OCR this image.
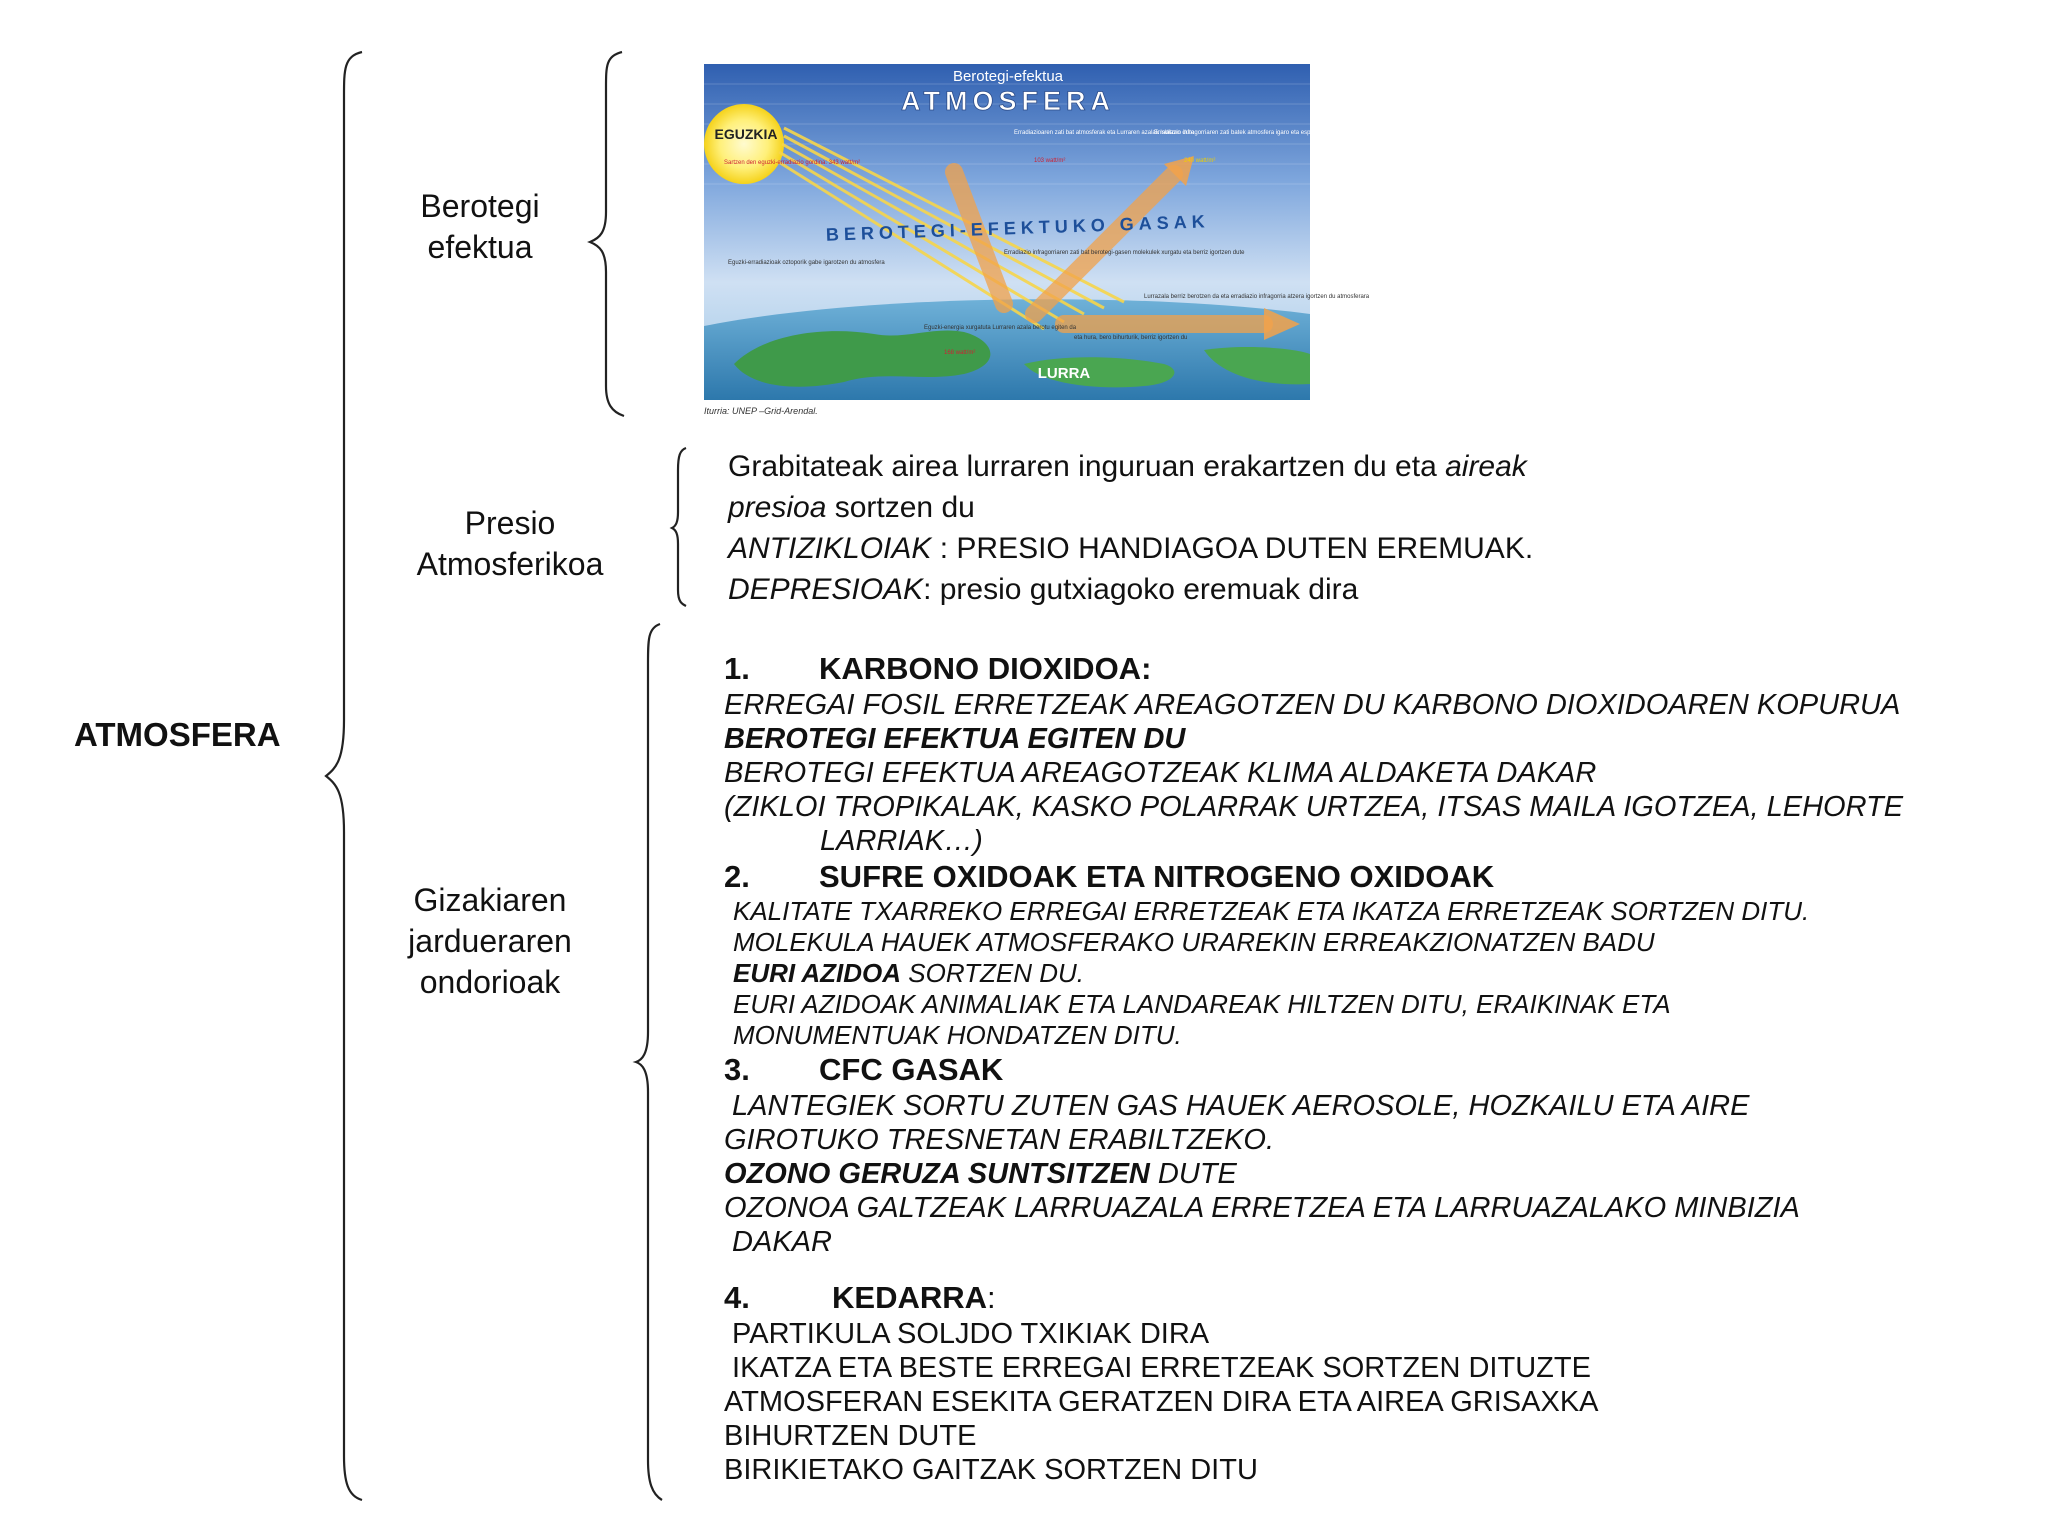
ATMOSFERA
Berotegi
efektua
Presio
Atmosferikoa
Gizakiaren
jardueraren
ondorioak
Berotegi-efektua
ATMOSFERA
EGUZKIA
BEROTEGI-EFEKTUKO GASAK
LURRA
Sartzen den eguzki-erradiazio gordina: 343 watt/m²
Erradiazioaren zati bat atmosferak eta Lurraren azalak islatzen dute
103 watt/m²
Erradiazio infragorriaren zati batek atmosfera igaro eta espaziora galtzen da
240 watt/m²
Eguzki-erradiazioak oztoporik gabe igarotzen du atmosfera
Erradiazio infragorriaren zati bat berotegi-gasen molekulek xurgatu eta berriz igortzen dute
Lurrazala berriz berotzen da eta erradiazio infragorria atzera igortzen du atmosferara
Eguzki-energia xurgatuta Lurraren azala berotu egiten da
168 watt/m²
eta hura, bero bihurturik, berriz igortzen du
Iturria: UNEP –Grid-Arendal.

Grabitateak airea lurraren inguruan erakartzen du eta aireak

presioa sortzen du

ANTIZIKLOIAK : PRESIO HANDIAGOA DUTEN EREMUAK.

DEPRESIOAK: presio gutxiagoko eremuak dira

1. KARBONO DIOXIDOA:

ERREGAI FOSIL ERRETZEAK AREAGOTZEN DU KARBONO DIOXIDOAREN KOPURUA

BEROTEGI EFEKTUA EGITEN DU

BEROTEGI EFEKTUA AREAGOTZEAK KLIMA ALDAKETA DAKAR

(ZIKLOI TROPIKALAK, KASKO POLARRAK URTZEA, ITSAS MAILA IGOTZEA, LEHORTE

LARRIAK…)

2. SUFRE OXIDOAK ETA NITROGENO OXIDOAK

KALITATE TXARREKO ERREGAI ERRETZEAK ETA IKATZA ERRETZEAK SORTZEN DITU.

MOLEKULA HAUEK ATMOSFERAKO URAREKIN ERREAKZIONATZEN BADU

EURI AZIDOA SORTZEN DU.

EURI AZIDOAK ANIMALIAK ETA LANDAREAK HILTZEN DITU, ERAIKINAK ETA

MONUMENTUAK HONDATZEN DITU.

3. CFC GASAK

LANTEGIEK SORTU ZUTEN GAS HAUEK AEROSOLE, HOZKAILU ETA AIRE

GIROTUKO TRESNETAN ERABILTZEKO.

OZONO GERUZA SUNTSITZEN DUTE

OZONOA GALTZEAK LARRUAZALA ERRETZEA ETA LARRUAZALAKO MINBIZIA

DAKAR

4.	KEDARRA:

PARTIKULA SOLJDO TXIKIAK DIRA

IKATZA ETA BESTE ERREGAI ERRETZEAK SORTZEN DITUZTE

ATMOSFERAN ESEKITA GERATZEN DIRA ETA AIREA GRISAXKA

BIHURTZEN DUTE

BIRIKIETAKO GAITZAK SORTZEN DITU
